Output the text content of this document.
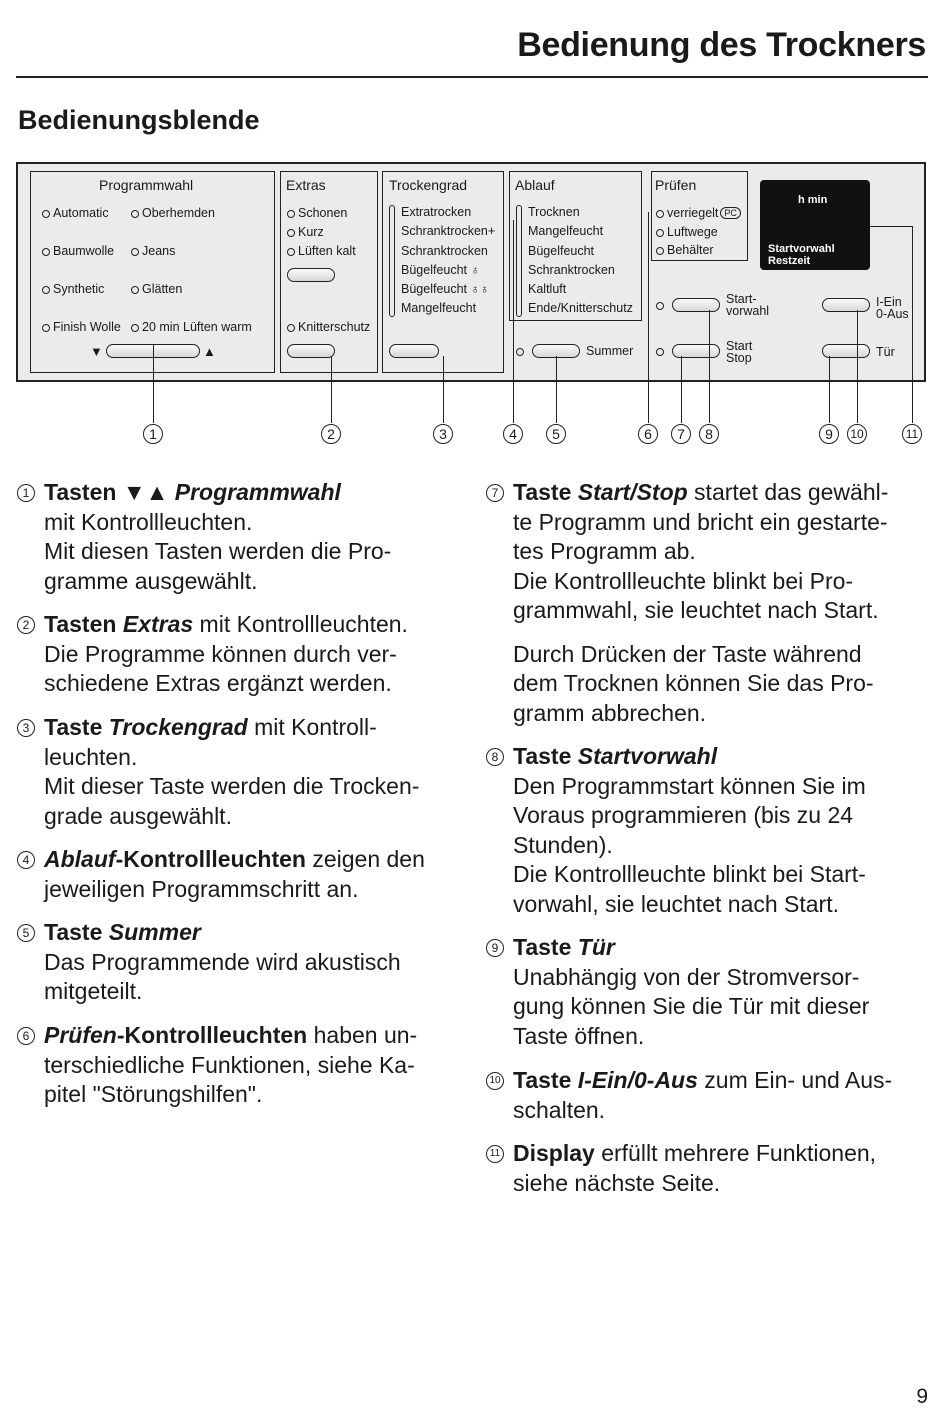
Bedienung des Trockners
Bedienungsblende
Programmwahl
Automatic
Baumwolle
Synthetic
Finish Wolle
Oberhemden
Jeans
Glätten
20 min Lüften warm
▼	▲
Extras
Schonen
Kurz
Lüften kalt
Knitterschutz
Trockengrad
Extratrocken
Schranktrocken+
Schranktrocken
Bügelfeucht ♁
Bügelfeucht ♁♁
Mangelfeucht
Ablauf
Trocknen
Mangelfeucht
Bügelfeucht
Schranktrocken
Kaltluft
Ende/Knitterschutz
Summer
Prüfen
verriegelt PC
Luftwege
Behälter
Start-
vorwahl
Start
Stop
h min
Startvorwahl
Restzeit
I-Ein
0-Aus
Tür
1	2	3	4	5	6	7	8	9	10	11
1 Tasten ▼▲ Programmwahl

mit Kontrollleuchten.
Mit diesen Tasten werden die Pro-
gramme ausgewählt.

2 Tasten Extras mit Kontrollleuchten.

Die Programme können durch ver-
schiedene Extras ergänzt werden.

3 Taste Trockengrad mit Kontroll-

leuchten.
Mit dieser Taste werden die Trocken-
grade ausgewählt.

4 Ablauf-Kontrollleuchten zeigen den

jeweiligen Programmschritt an.

5 Taste Summer

Das Programmende wird akustisch
mitgeteilt.

6 Prüfen-Kontrollleuchten haben un-

terschiedliche Funktionen, siehe Ka-
pitel "Störungshilfen".

7 Taste Start/Stop startet das gewähl-

te Programm und bricht ein gestarte-
tes Programm ab.
Die Kontrollleuchte blinkt bei Pro-
grammwahl, sie leuchtet nach Start.

Durch Drücken der Taste während
dem Trocknen können Sie das Pro-
gramm abbrechen.

8 Taste Startvorwahl

Den Programmstart können Sie im
Voraus programmieren (bis zu 24
Stunden).
Die Kontrollleuchte blinkt bei Start-
vorwahl, sie leuchtet nach Start.

9 Taste Tür

Unabhängig von der Stromversor-
gung können Sie die Tür mit dieser
Taste öffnen.

10 Taste I-Ein/0-Aus zum Ein- und Aus-

schalten.

11 Display erfüllt mehrere Funktionen,

siehe nächste Seite.

9
